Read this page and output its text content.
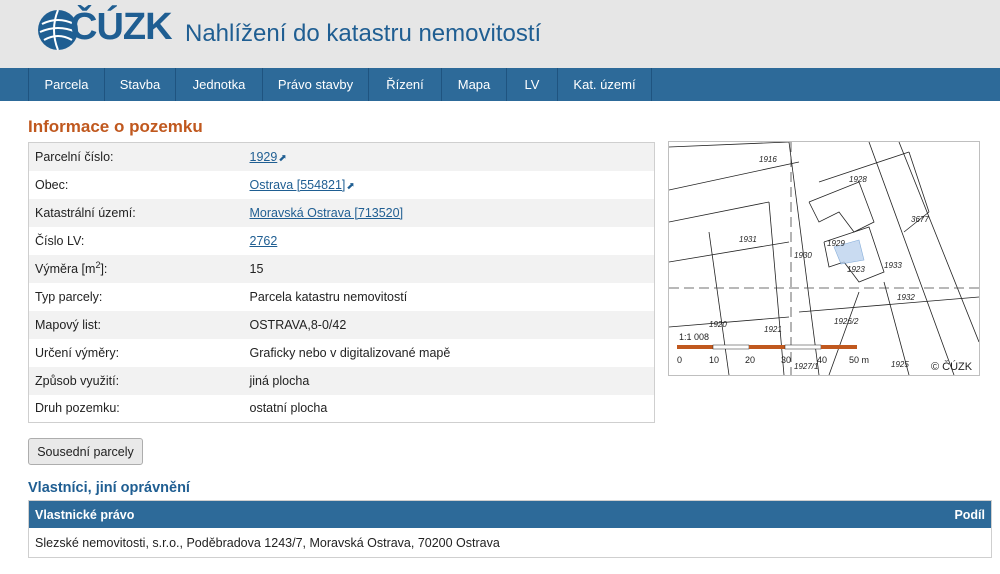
ČÚZK Nahlížení do katastru nemovitostí
Parcela	Stavba	Jednotka	Právo stavby	Řízení	Mapa	LV	Kat. území
Informace o pozemku
Parcelní číslo:	1929⬈
Obec:	Ostrava [554821]⬈
Katastrální území:	Moravská Ostrava [713520]
Číslo LV:	2762
Výměra $[m^2]$:	15
Typ parcely:	Parcela katastru nemovitostí
Mapový list:	OSTRAVA,8-0/42
Určení výměry:	Graficky nebo v digitalizované mapě
Způsob využití:	jiná plocha
Druh pozemku:	ostatní plocha
1928
1929
1933
1931
1930
1921
1926/2
1925
1932
1927/1
1923
3677
1920
1916
1:1 008
0	10	20	30	40 50 m
© ČÚZK
Sousední parcely
Vlastníci, jiní oprávnění
Vlastnické právo	Podíl
Slezské nemovitosti, s.r.o., Poděbradova 1243/7, Moravská Ostrava, 70200 Ostrava	
